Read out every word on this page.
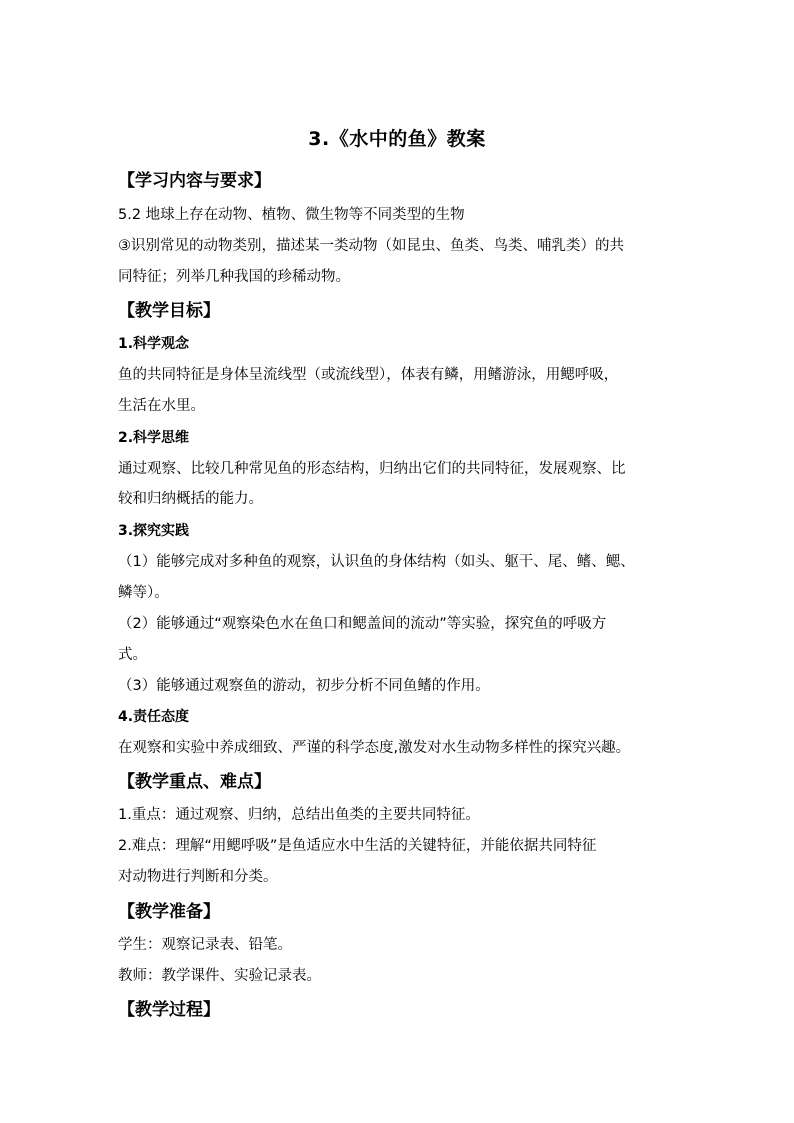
3.《水中的鱼》教案
【学习内容与要求】
5.2 地球上存在动物、植物、微生物等不同类型的生物
③识别常见的动物类别，描述某一类动物（如昆虫、鱼类、鸟类、哺乳类）的共
同特征；列举几种我国的珍稀动物。
【教学目标】
1.科学观念
鱼的共同特征是身体呈流线型（或流线型），体表有鳞，用鳍游泳，用鳃呼吸，
生活在水里。
2.科学思维
通过观察、比较几种常见鱼的形态结构，归纳出它们的共同特征，发展观察、比
较和归纳概括的能力。
3.探究实践
（1）能够完成对多种鱼的观察，认识鱼的身体结构（如头、躯干、尾、鳍、鳃、
鳞等）。
（2）能够通过“观察染色水在鱼口和鳃盖间的流动”等实验，探究鱼的呼吸方
式。
（3）能够通过观察鱼的游动，初步分析不同鱼鳍的作用。
4.责任态度
在观察和实验中养成细致、严谨的科学态度,激发对水生动物多样性的探究兴趣。
【教学重点、难点】
1.重点：通过观察、归纳，总结出鱼类的主要共同特征。
2.难点：理解“用鳃呼吸”是鱼适应水中生活的关键特征，并能依据共同特征
对动物进行判断和分类。
【教学准备】
学生：观察记录表、铅笔。
教师：教学课件、实验记录表。
【教学过程】
